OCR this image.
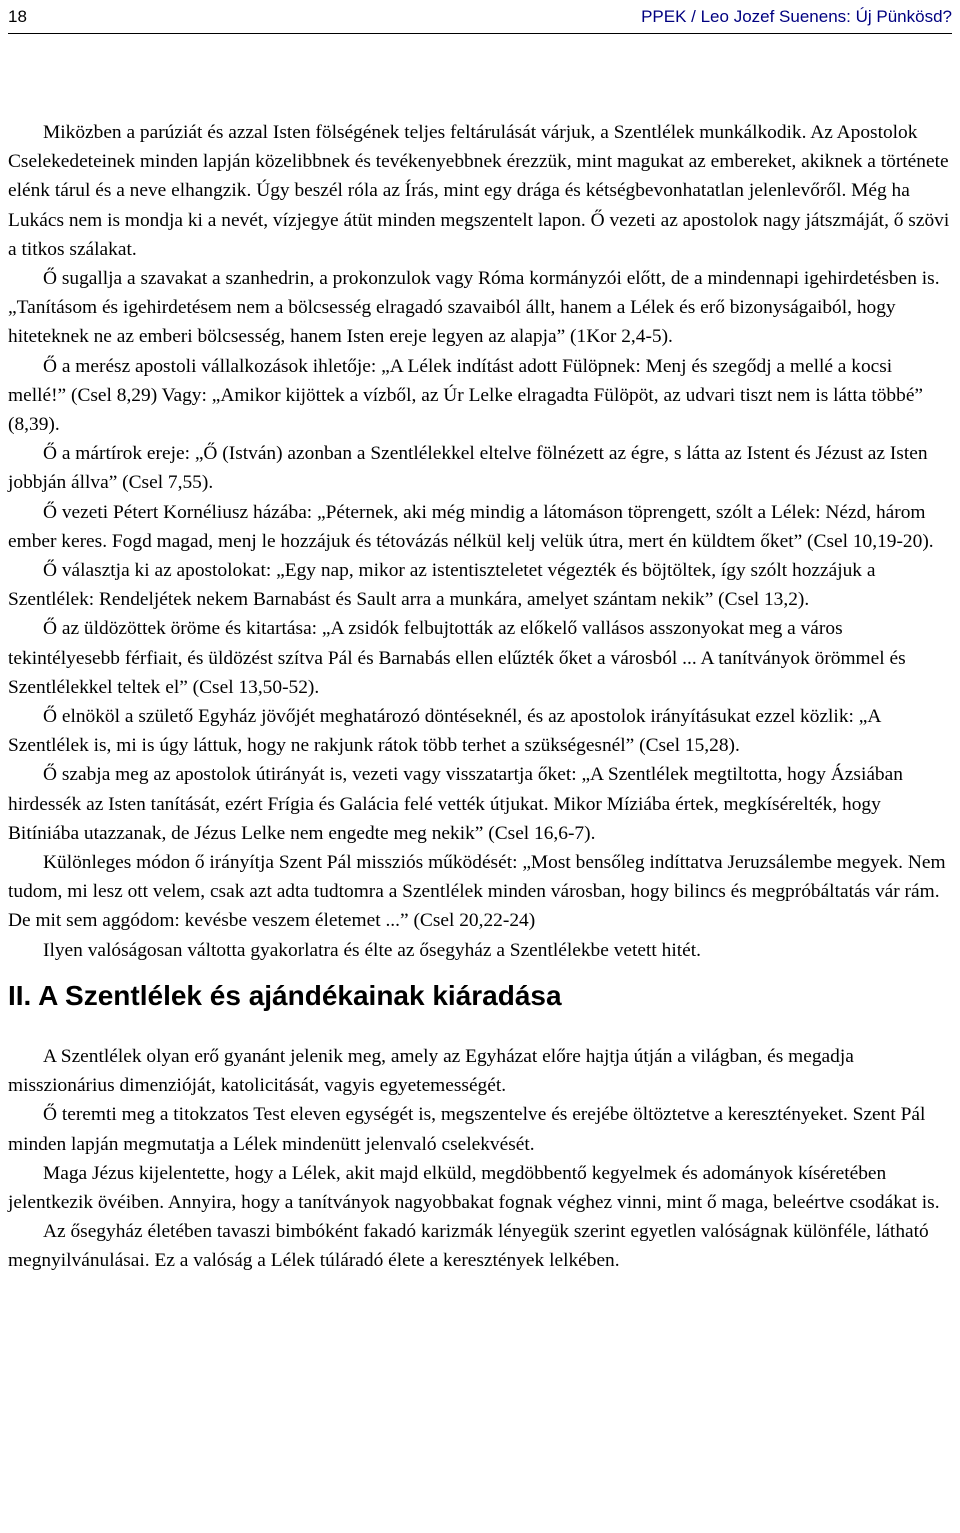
18	PPEK / Leo Jozef Suenens: Új Pünkösd?

Miközben a parúziát és azzal Isten fölségének teljes feltárulását várjuk, a Szentlélek munkálkodik. Az Apostolok Cselekedeteinek minden lapján közelibbnek és tevékenyebbnek érezzük, mint magukat az embereket, akiknek a története elénk tárul és a neve elhangzik. Úgy beszél róla az Írás, mint egy drága és kétségbevonhatatlan jelenlevőről. Még ha Lukács nem is mondja ki a nevét, vízjegye átüt minden megszentelt lapon. Ő vezeti az apostolok nagy játszmáját, ő szövi a titkos szálakat.

Ő sugallja a szavakat a szanhedrin, a prokonzulok vagy Róma kormányzói előtt, de a mindennapi igehirdetésben is. „Tanításom és igehirdetésem nem a bölcsesség elragadó szavaiból állt, hanem a Lélek és erő bizonyságaiból, hogy hiteteknek ne az emberi bölcsesség, hanem Isten ereje legyen az alapja” (1Kor 2,4-5).

Ő a merész apostoli vállalkozások ihletője: „A Lélek indítást adott Fülöpnek: Menj és szegődj a mellé a kocsi mellé!” (Csel 8,29) Vagy: „Amikor kijöttek a vízből, az Úr Lelke elragadta Fülöpöt, az udvari tiszt nem is látta többé” (8,39).

Ő a mártírok ereje: „Ő (István) azonban a Szentlélekkel eltelve fölnézett az égre, s látta az Istent és Jézust az Isten jobbján állva” (Csel 7,55).

Ő vezeti Pétert Kornéliusz házába: „Péternek, aki még mindig a látomáson töprengett, szólt a Lélek: Nézd, három ember keres. Fogd magad, menj le hozzájuk és tétovázás nélkül kelj velük útra, mert én küldtem őket” (Csel 10,19-20).

Ő választja ki az apostolokat: „Egy nap, mikor az istentiszteletet végezték és böjtöltek, így szólt hozzájuk a Szentlélek: Rendeljétek nekem Barnabást és Sault arra a munkára, amelyet szántam nekik” (Csel 13,2).

Ő az üldözöttek öröme és kitartása: „A zsidók felbujtották az előkelő vallásos asszonyokat meg a város tekintélyesebb férfiait, és üldözést szítva Pál és Barnabás ellen elűzték őket a városból ... A tanítványok örömmel és Szentlélekkel teltek el” (Csel 13,50-52).

Ő elnököl a születő Egyház jövőjét meghatározó döntéseknél, és az apostolok irányításukat ezzel közlik: „A Szentlélek is, mi is úgy láttuk, hogy ne rakjunk rátok több terhet a szükségesnél” (Csel 15,28).

Ő szabja meg az apostolok útirányát is, vezeti vagy visszatartja őket: „A Szentlélek megtiltotta, hogy Ázsiában hirdessék az Isten tanítását, ezért Frígia és Galácia felé vették útjukat. Mikor Míziába értek, megkísérelték, hogy Bitíniába utazzanak, de Jézus Lelke nem engedte meg nekik” (Csel 16,6-7).

Különleges módon ő irányítja Szent Pál missziós működését: „Most bensőleg indíttatva Jeruzsálembe megyek. Nem tudom, mi lesz ott velem, csak azt adta tudtomra a Szentlélek minden városban, hogy bilincs és megpróbáltatás vár rám. De mit sem aggódom: kevésbe veszem életemet ...” (Csel 20,22-24)

Ilyen valóságosan váltotta gyakorlatra és élte az ősegyház a Szentlélekbe vetett hitét.

II. A Szentlélek és ajándékainak kiáradása

A Szentlélek olyan erő gyanánt jelenik meg, amely az Egyházat előre hajtja útján a világban, és megadja misszionárius dimenzióját, katolicitását, vagyis egyetemességét.

Ő teremti meg a titokzatos Test eleven egységét is, megszentelve és erejébe öltöztetve a keresztényeket. Szent Pál minden lapján megmutatja a Lélek mindenütt jelenvaló cselekvését.

Maga Jézus kijelentette, hogy a Lélek, akit majd elküld, megdöbbentő kegyelmek és adományok kíséretében jelentkezik övéiben. Annyira, hogy a tanítványok nagyobbakat fognak véghez vinni, mint ő maga, beleértve csodákat is.

Az ősegyház életében tavaszi bimbóként fakadó karizmák lényegük szerint egyetlen valóságnak különféle, látható megnyilvánulásai. Ez a valóság a Lélek túláradó élete a keresztények lelkében.
